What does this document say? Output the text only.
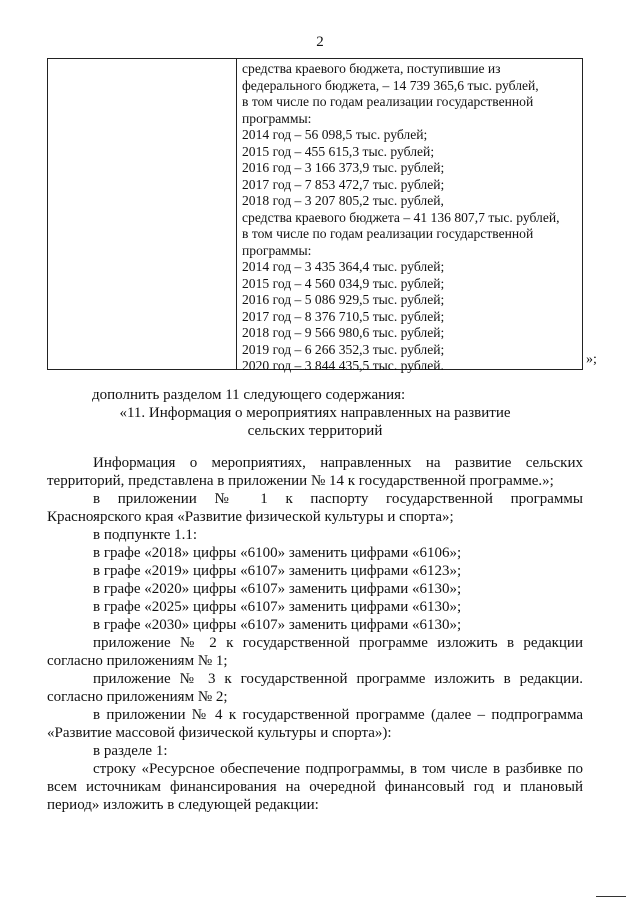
2
средства краевого бюджета, поступившие из
федерального бюджета, – 14 739 365,6 тыс. рублей,
в том числе по годам реализации государственной
программы:
2014 год – 56 098,5 тыс. рублей;
2015 год – 455 615,3 тыс. рублей;
2016 год – 3 166 373,9 тыс. рублей;
2017 год – 7 853 472,7 тыс. рублей;
2018 год – 3 207 805,2 тыс. рублей,
средства краевого бюджета – 41 136 807,7 тыс. рублей,
в том числе по годам реализации государственной
программы:
2014 год – 3 435 364,4 тыс. рублей;
2015 год – 4 560 034,9 тыс. рублей;
2016 год – 5 086 929,5 тыс. рублей;
2017 год – 8 376 710,5 тыс. рублей;
2018 год – 9 566 980,6 тыс. рублей;
2019 год – 6 266 352,3 тыс. рублей;
2020 год – 3 844 435,5 тыс. рублей.	»;
дополнить разделом 11 следующего содержания:
«11. Информация о мероприятиях направленных на развитие
сельских территорий
Информация о мероприятиях, направленных на развитие сельских
территорий, представлена в приложении № 14 к государственной программе.»;
в приложении № 1 к паспорту государственной программы
Красноярского края «Развитие физической культуры и спорта»;
в подпункте 1.1:
в графе «2018» цифры «6100» заменить цифрами «6106»;
в графе «2019» цифры «6107» заменить цифрами «6123»;
в графе «2020» цифры «6107» заменить цифрами «6130»;
в графе «2025» цифры «6107» заменить цифрами «6130»;
в графе «2030» цифры «6107» заменить цифрами «6130»;
приложение № 2 к государственной программе изложить в редакции
согласно приложениям № 1;
приложение № 3 к государственной программе изложить в редакции.
согласно приложениям № 2;
в приложении № 4 к государственной программе (далее – подпрограмма
«Развитие массовой физической культуры и спорта»):
в разделе 1:
строку «Ресурсное обеспечение подпрограммы, в том числе в разбивке по
всем источникам финансирования на очередной финансовый год и плановый
период» изложить в следующей редакции:
